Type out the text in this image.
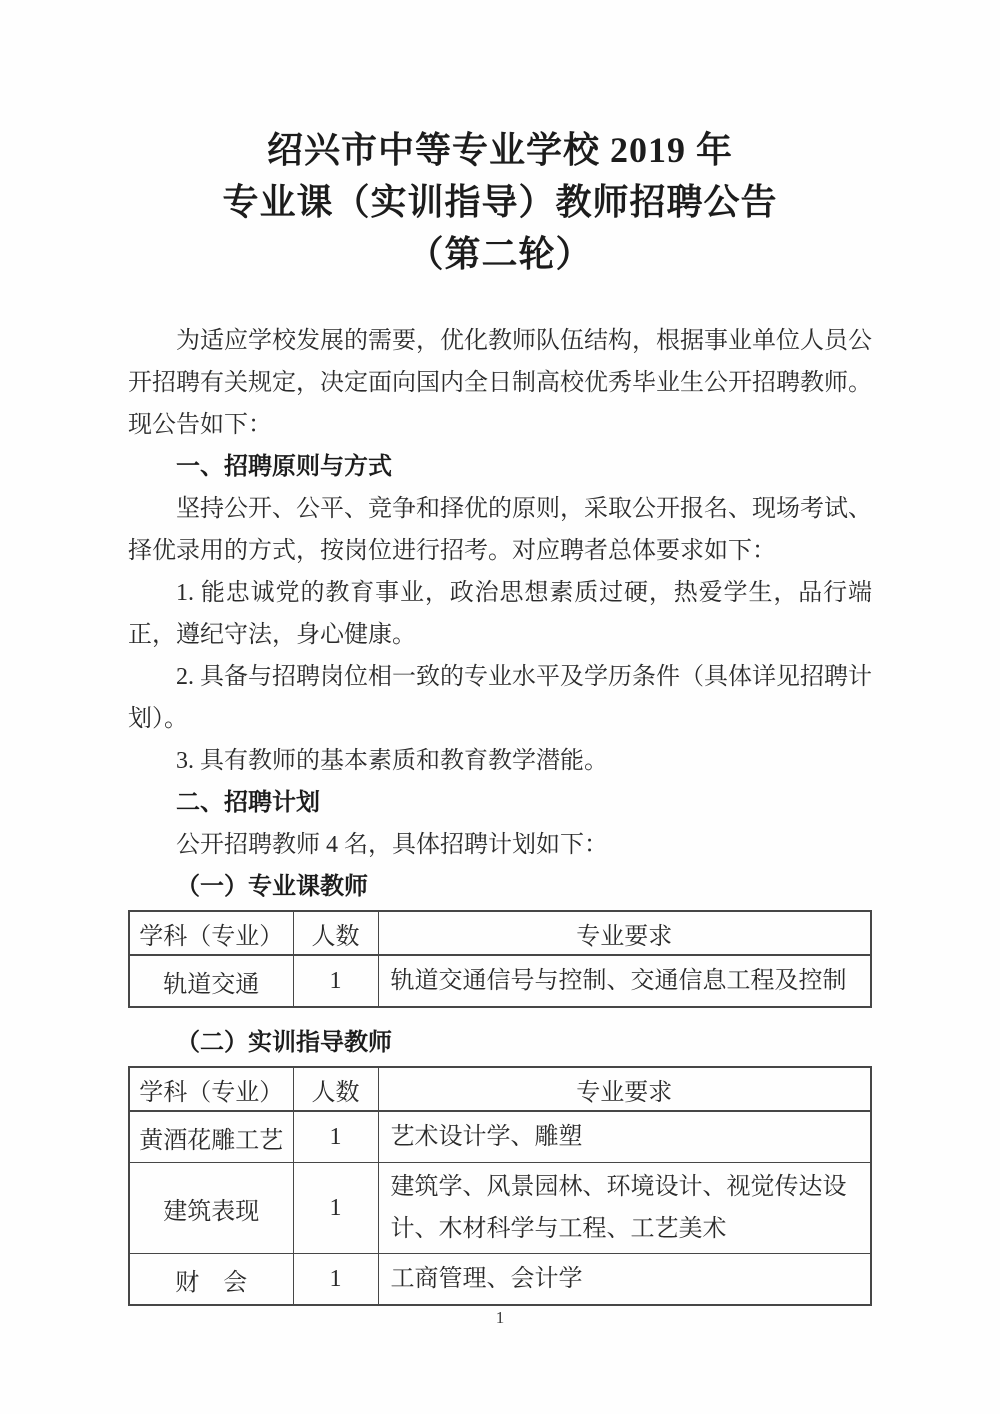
绍兴市中等专业学校 2019 年
专业课（实训指导）教师招聘公告
（第二轮）

为适应学校发展的需要，优化教师队伍结构，根据事业单位人员公开招聘有关规定，决定面向国内全日制高校优秀毕业生公开招聘教师。现公告如下：

一、招聘原则与方式

坚持公开、公平、竞争和择优的原则，采取公开报名、现场考试、择优录用的方式，按岗位进行招考。对应聘者总体要求如下：

1. 能忠诚党的教育事业，政治思想素质过硬，热爱学生，品行端正，遵纪守法，身心健康。

2. 具备与招聘岗位相一致的专业水平及学历条件（具体详见招聘计划）。

3. 具有教师的基本素质和教育教学潜能。

二、招聘计划

公开招聘教师 4 名，具体招聘计划如下：

（一）专业课教师

学科（专业）	人数	专业要求
轨道交通	1	轨道交通信号与控制、交通信息工程及控制

（二）实训指导教师

学科（专业）	人数	专业要求
黄酒花雕工艺	1	艺术设计学、雕塑
建筑表现	1	建筑学、风景园林、环境设计、视觉传达设计、木材科学与工程、工艺美术
财　会	1	工商管理、会计学
1
